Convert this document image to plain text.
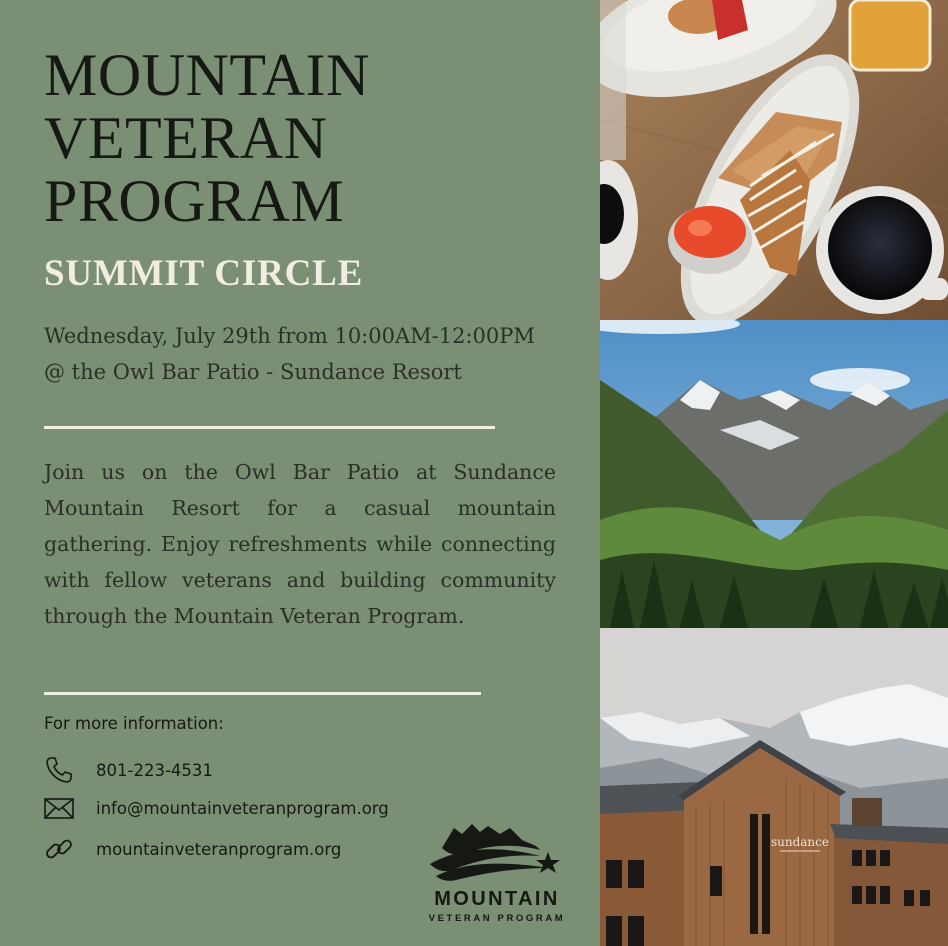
MOUNTAIN
VETERAN
PROGRAM
SUMMIT CIRCLE
Wednesday, July 29th from 10:00AM-12:00PM @ the Owl Bar Patio - Sundance Resort
Join us on the Owl Bar Patio at Sundance Mountain Resort for a casual mountain gathering. Enjoy refreshments while connecting with fellow veterans and building community through the Mountain Veteran Program.
For more information:
801-223-4531
info@mountainveteranprogram.org
mountainveteranprogram.org
MOUNTAIN
VETERAN PROGRAM
sundance
